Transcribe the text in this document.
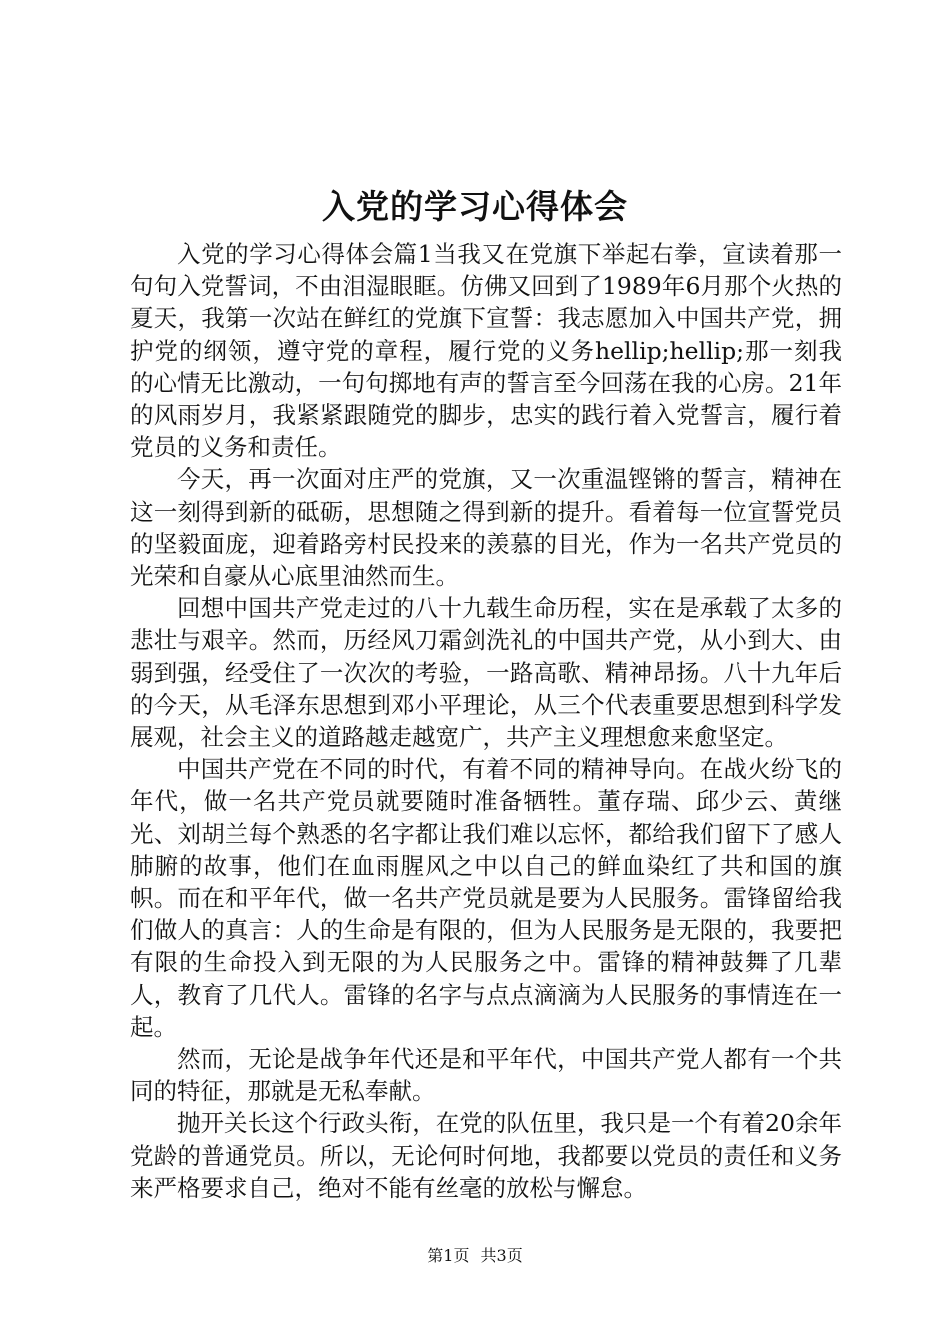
入党的学习心得体会

入党的学习心得体会篇1当我又在党旗下举起右拳，宣读着那一句句入党誓词，不由泪湿眼眶。仿佛又回到了1989年6月那个火热的夏天，我第一次站在鲜红的党旗下宣誓：我志愿加入中国共产党，拥护党的纲领，遵守党的章程，履行党的义务hellip;hellip;那一刻我的心情无比激动，一句句掷地有声的誓言至今回荡在我的心房。21年的风雨岁月，我紧紧跟随党的脚步，忠实的践行着入党誓言，履行着党员的义务和责任。

今天，再一次面对庄严的党旗，又一次重温铿锵的誓言，精神在这一刻得到新的砥砺，思想随之得到新的提升。看着每一位宣誓党员的坚毅面庞，迎着路旁村民投来的羡慕的目光，作为一名共产党员的光荣和自豪从心底里油然而生。

回想中国共产党走过的八十九载生命历程，实在是承载了太多的悲壮与艰辛。然而，历经风刀霜剑洗礼的中国共产党，从小到大、由弱到强，经受住了一次次的考验，一路高歌、精神昂扬。八十九年后的今天，从毛泽东思想到邓小平理论，从三个代表重要思想到科学发展观，社会主义的道路越走越宽广，共产主义理想愈来愈坚定。

中国共产党在不同的时代，有着不同的精神导向。在战火纷飞的年代，做一名共产党员就要随时准备牺牲。董存瑞、邱少云、黄继光、刘胡兰每个熟悉的名字都让我们难以忘怀，都给我们留下了感人肺腑的故事，他们在血雨腥风之中以自己的鲜血染红了共和国的旗帜。而在和平年代，做一名共产党员就是要为人民服务。雷锋留给我们做人的真言：人的生命是有限的，但为人民服务是无限的，我要把有限的生命投入到无限的为人民服务之中。雷锋的精神鼓舞了几辈人，教育了几代人。雷锋的名字与点点滴滴为人民服务的事情连在一起。

然而，无论是战争年代还是和平年代，中国共产党人都有一个共同的特征，那就是无私奉献。

抛开关长这个行政头衔，在党的队伍里，我只是一个有着20余年党龄的普通党员。所以，无论何时何地，我都要以党员的责任和义务来严格要求自己，绝对不能有丝毫的放松与懈怠。

第1页 共3页
